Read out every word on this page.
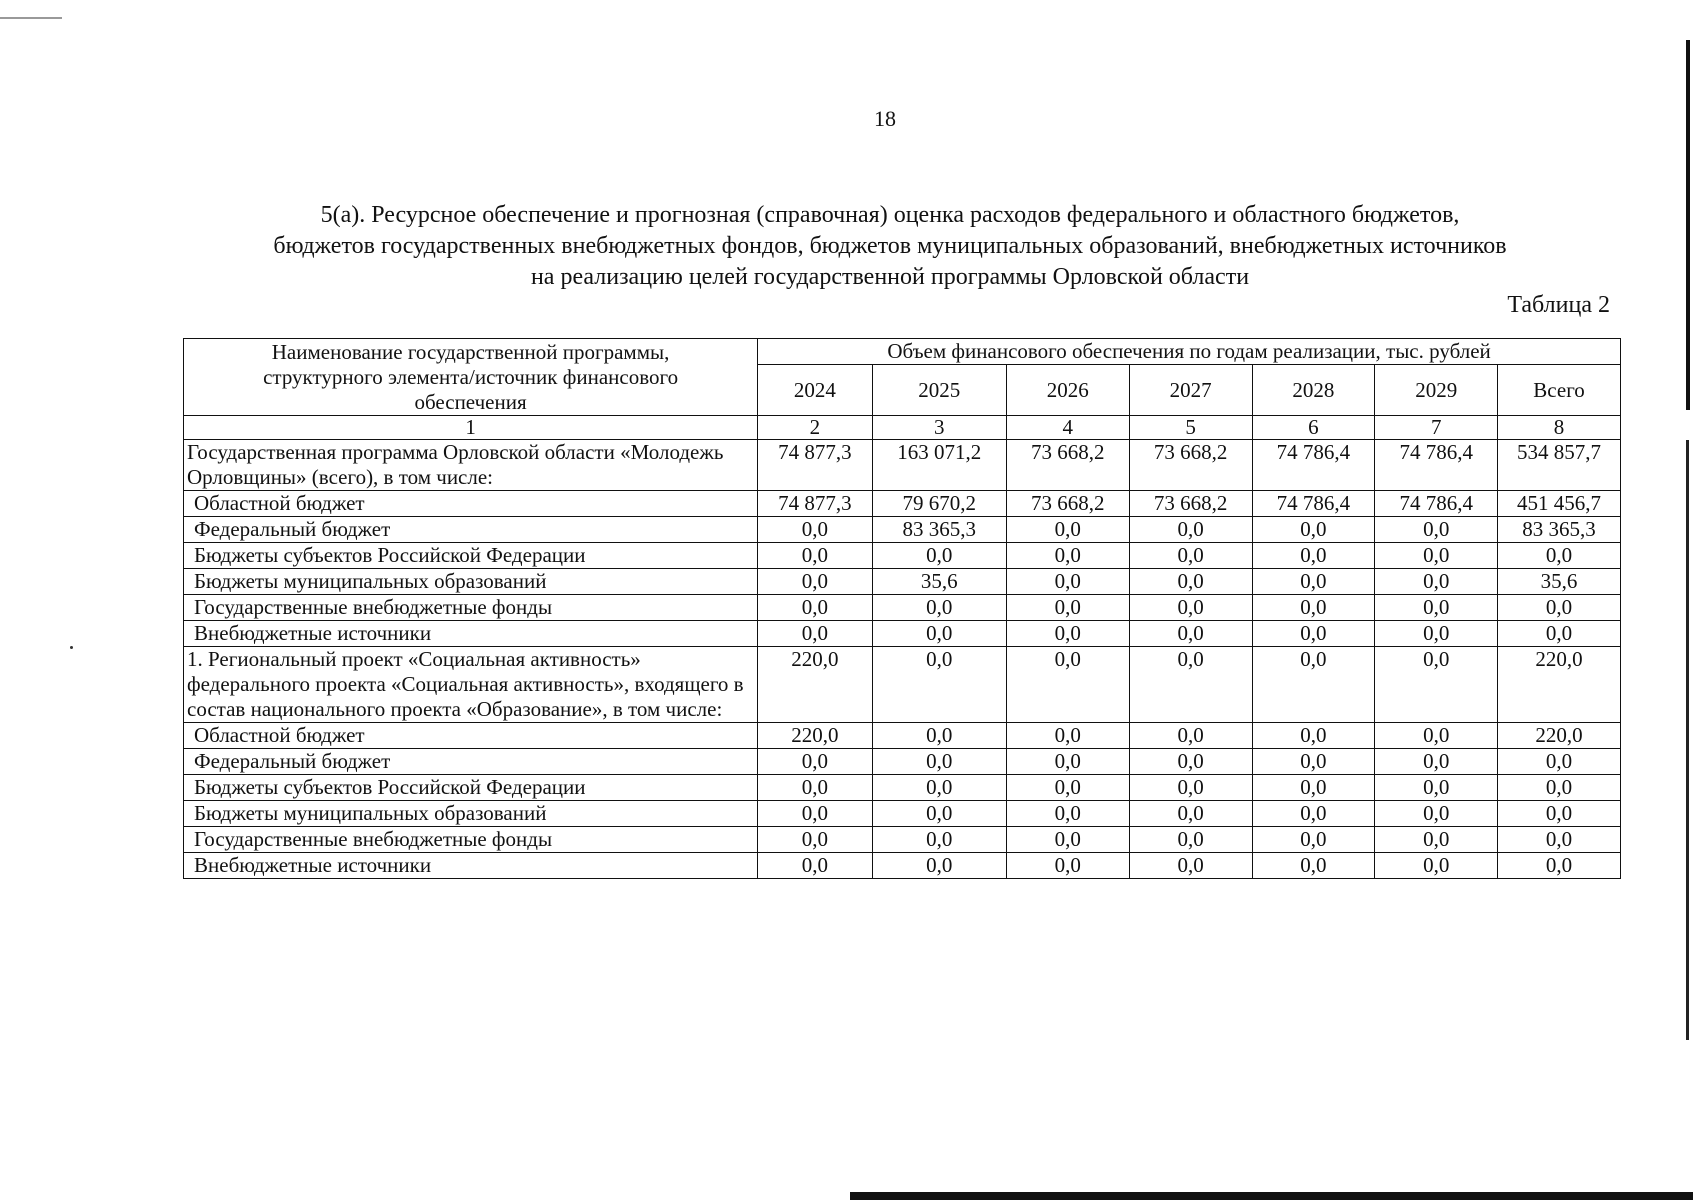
18
5(а). Ресурсное обеспечение и прогнозная (справочная) оценка расходов федерального и областного бюджетов,
бюджетов государственных внебюджетных фондов, бюджетов муниципальных образований, внебюджетных источников
на реализацию целей государственной программы Орловской области
Таблица 2
Наименование государственной программы, структурного элемента/источник финансового обеспечения	Объем финансового обеспечения по годам реализации, тыс. рублей						
	2024	2025	2026	2027	2028	2029	Всего
1	2	3	4	5	6	7	8
Государственная программа Орловской области «Молодежь Орловщины» (всего), в том числе:	74 877,3	163 071,2	73 668,2	73 668,2	74 786,4	74 786,4	534 857,7
Областной бюджет	74 877,3	79 670,2	73 668,2	73 668,2	74 786,4	74 786,4	451 456,7
Федеральный бюджет	0,0	83 365,3	0,0	0,0	0,0	0,0	83 365,3
Бюджеты субъектов Российской Федерации	0,0	0,0	0,0	0,0	0,0	0,0	0,0
Бюджеты муниципальных образований	0,0	35,6	0,0	0,0	0,0	0,0	35,6
Государственные внебюджетные фонды	0,0	0,0	0,0	0,0	0,0	0,0	0,0
Внебюджетные источники	0,0	0,0	0,0	0,0	0,0	0,0	0,0
1. Региональный проект «Социальная активность» федерального проекта «Социальная активность», входящего в состав национального проекта «Образование», в том числе:	220,0	0,0	0,0	0,0	0,0	0,0	220,0
Областной бюджет	220,0	0,0	0,0	0,0	0,0	0,0	220,0
Федеральный бюджет	0,0	0,0	0,0	0,0	0,0	0,0	0,0
Бюджеты субъектов Российской Федерации	0,0	0,0	0,0	0,0	0,0	0,0	0,0
Бюджеты муниципальных образований	0,0	0,0	0,0	0,0	0,0	0,0	0,0
Государственные внебюджетные фонды	0,0	0,0	0,0	0,0	0,0	0,0	0,0
Внебюджетные источники	0,0	0,0	0,0	0,0	0,0	0,0	0,0
